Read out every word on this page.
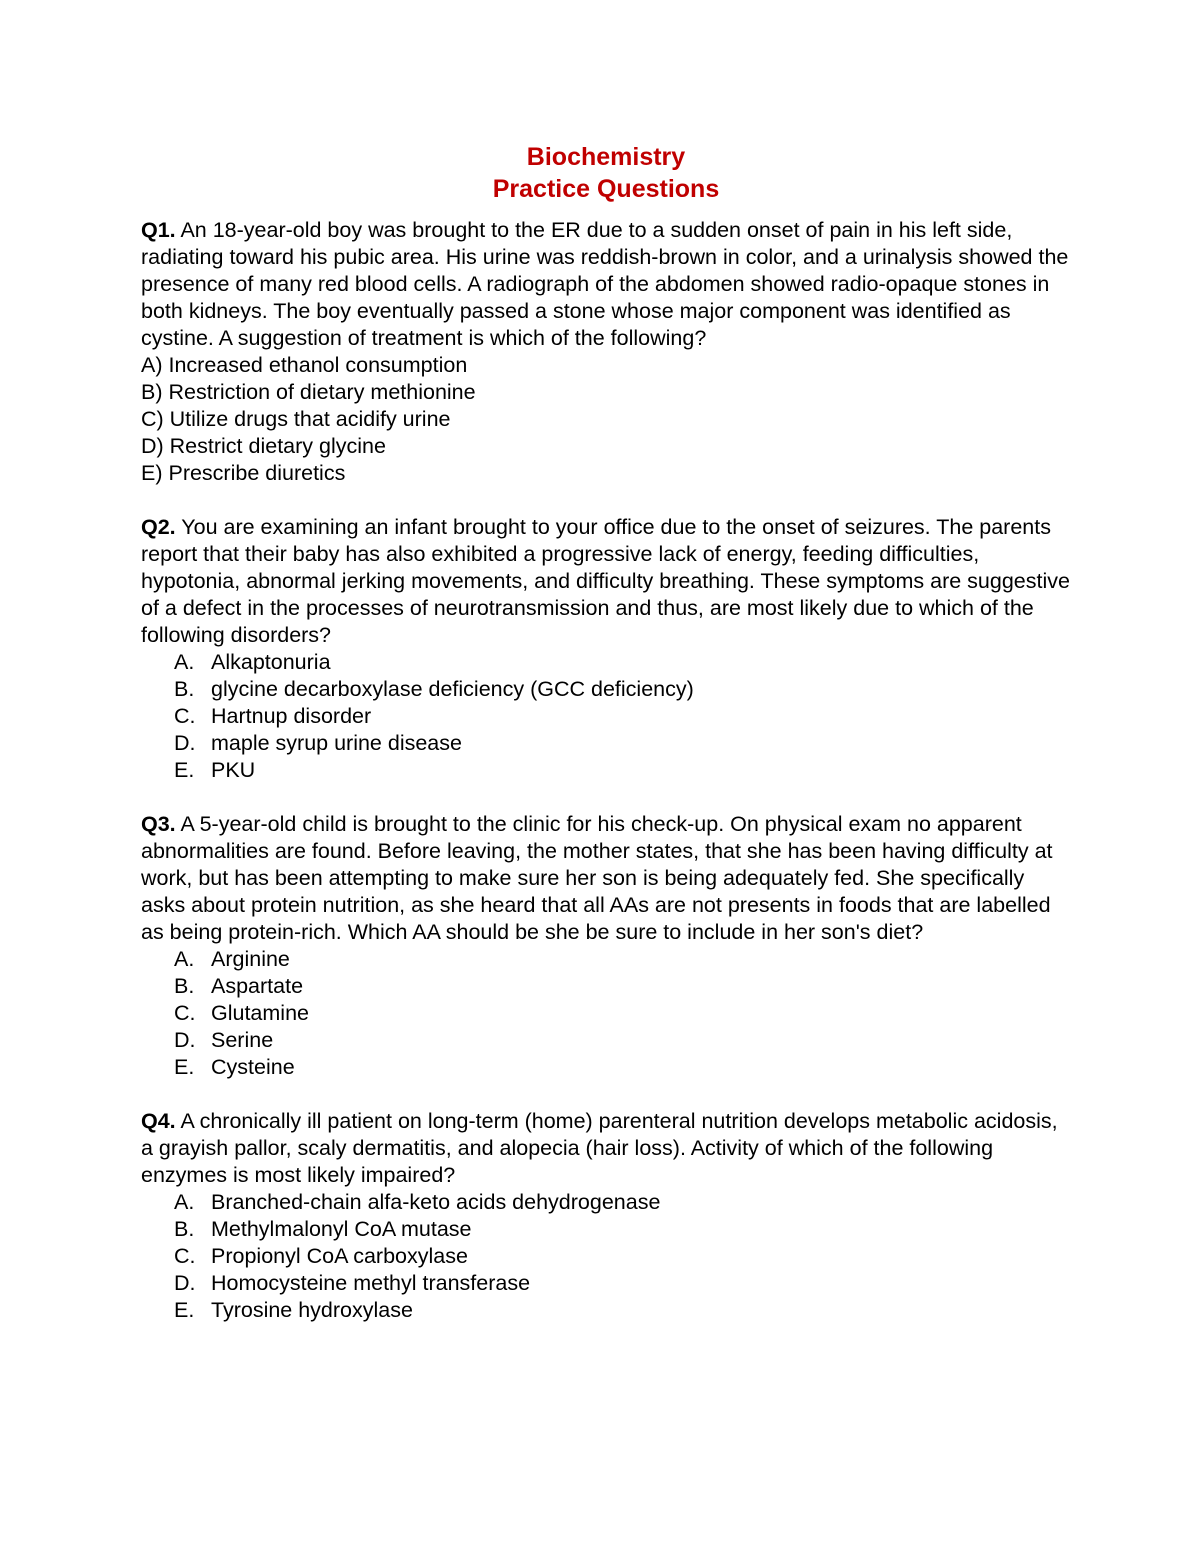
Biochemistry

Practice Questions

Q1. An 18-year-old boy was brought to the ER due to a sudden onset of pain in his left side, radiating toward his pubic area. His urine was reddish-brown in color, and a urinalysis showed the presence of many red blood cells. A radiograph of the abdomen showed radio-opaque stones in both kidneys. The boy eventually passed a stone whose major component was identified as cystine. A suggestion of treatment is which of the following?

A) Increased ethanol consumption
B) Restriction of dietary methionine
C) Utilize drugs that acidify urine
D) Restrict dietary glycine
E) Prescribe diuretics

Q2. You are examining an infant brought to your office due to the onset of seizures. The parents report that their baby has also exhibited a progressive lack of energy, feeding difficulties, hypotonia, abnormal jerking movements, and difficulty breathing. These symptoms are suggestive of a defect in the processes of neurotransmission and thus, are most likely due to which of the following disorders?

A. Alkaptonuria
B. glycine decarboxylase deficiency (GCC deficiency)
C. Hartnup disorder
D. maple syrup urine disease
E. PKU

Q3. A 5-year-old child is brought to the clinic for his check-up. On physical exam no apparent abnormalities are found. Before leaving, the mother states, that she has been having difficulty at work, but has been attempting to make sure her son is being adequately fed. She specifically asks about protein nutrition, as she heard that all AAs are not presents in foods that are labelled as being protein-rich. Which AA should be she be sure to include in her son's diet?

A. Arginine
B. Aspartate
C. Glutamine
D. Serine
E. Cysteine

Q4. A chronically ill patient on long-term (home) parenteral nutrition develops metabolic acidosis, a grayish pallor, scaly dermatitis, and alopecia (hair loss). Activity of which of the following enzymes is most likely impaired?

A. Branched-chain alfa-keto acids dehydrogenase
B. Methylmalonyl CoA mutase
C. Propionyl CoA carboxylase
D. Homocysteine methyl transferase
E. Tyrosine hydroxylase
